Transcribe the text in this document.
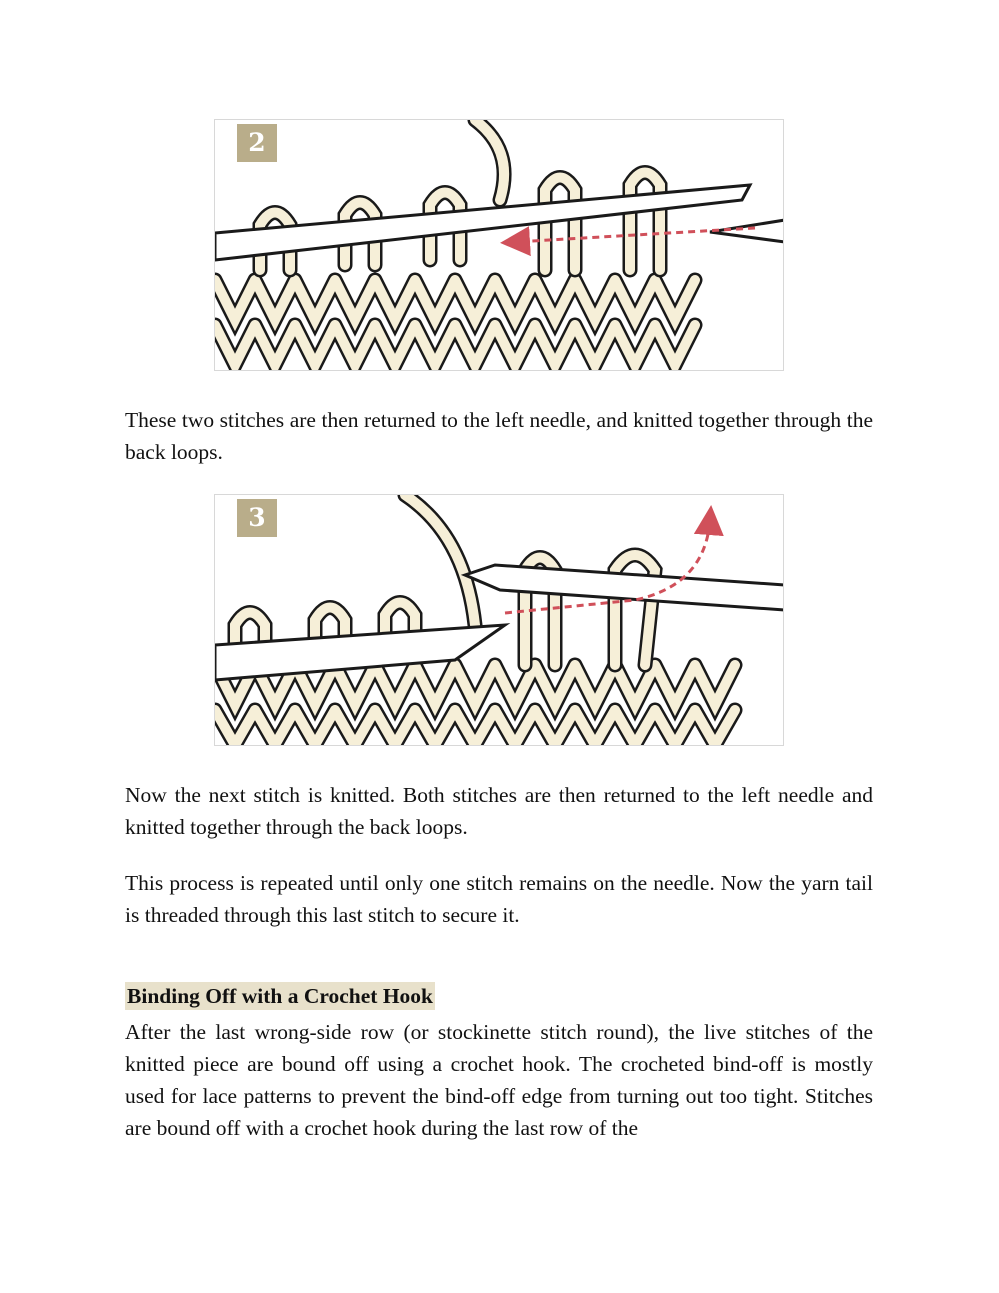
2

These two stitches are then returned to the left needle, and knitted together through the back loops.

3

Now the next stitch is knitted. Both stitches are then returned to the left needle and knitted together through the back loops.

This process is repeated until only one stitch remains on the needle. Now the yarn tail is threaded through this last stitch to secure it.

Binding Off with a Crochet Hook

After the last wrong-side row (or stockinette stitch round), the live stitches of the knitted piece are bound off using a crochet hook. The crocheted bind-off is mostly used for lace patterns to prevent the bind-off edge from turning out too tight. Stitches are bound off with a crochet hook during the last row of the
